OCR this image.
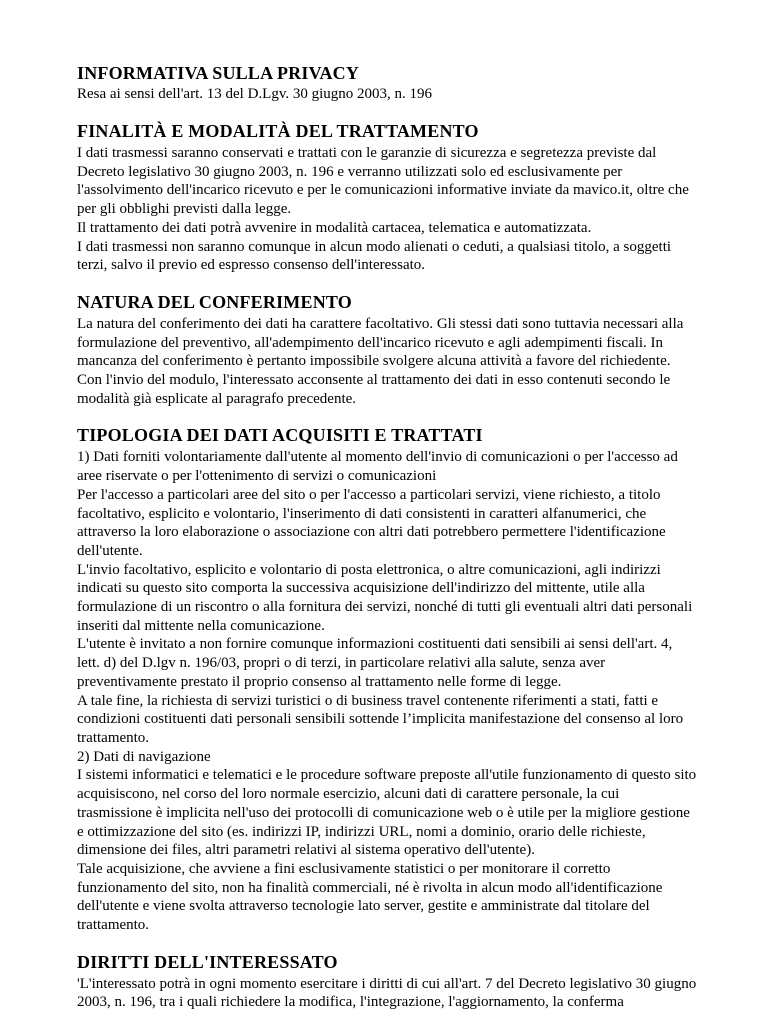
INFORMATIVA SULLA PRIVACY

Resa ai sensi dell'art. 13 del D.Lgv. 30 giugno 2003, n. 196

FINALITÀ E MODALITÀ DEL TRATTAMENTO

I dati trasmessi saranno conservati e trattati con le garanzie di sicurezza e segretezza previste dal Decreto legislativo 30 giugno 2003, n. 196 e verranno utilizzati solo ed esclusivamente per l'assolvimento dell'incarico ricevuto e per le comunicazioni informative inviate da mavico.it, oltre che per gli obblighi previsti dalla legge.

Il trattamento dei dati potrà avvenire in modalità cartacea, telematica e automatizzata.

I dati trasmessi non saranno comunque in alcun modo alienati o ceduti, a qualsiasi titolo, a soggetti terzi, salvo il previo ed espresso consenso dell'interessato.

NATURA DEL CONFERIMENTO

La natura del conferimento dei dati ha carattere facoltativo. Gli stessi dati sono tuttavia necessari alla formulazione del preventivo, all'adempimento dell'incarico ricevuto e agli adempimenti fiscali. In mancanza del conferimento è pertanto impossibile svolgere alcuna attività a favore del richiedente.

Con l'invio del modulo, l'interessato acconsente al trattamento dei dati in esso contenuti secondo le modalità già esplicate al paragrafo precedente.

TIPOLOGIA DEI DATI ACQUISITI E TRATTATI

1) Dati forniti volontariamente dall'utente al momento dell'invio di comunicazioni o per l'accesso ad aree riservate o per l'ottenimento di servizi o comunicazioni

Per l'accesso a particolari aree del sito o per l'accesso a particolari servizi, viene richiesto, a titolo facoltativo, esplicito e volontario, l'inserimento di dati consistenti in caratteri alfanumerici, che attraverso la loro elaborazione o associazione con altri dati potrebbero permettere l'identificazione dell'utente.

L'invio facoltativo, esplicito e volontario di posta elettronica, o altre comunicazioni, agli indirizzi indicati su questo sito comporta la successiva acquisizione dell'indirizzo del mittente, utile alla formulazione di un riscontro o alla fornitura dei servizi, nonché di tutti gli eventuali altri dati personali inseriti dal mittente nella comunicazione.

L'utente è invitato a non fornire comunque informazioni costituenti dati sensibili ai sensi dell'art. 4, lett. d) del D.lgv n. 196/03, propri o di terzi, in particolare relativi alla salute, senza aver preventivamente prestato il proprio consenso al trattamento nelle forme di legge.

A tale fine, la richiesta di servizi turistici o di business travel contenente riferimenti a stati, fatti e condizioni costituenti dati personali sensibili sottende l’implicita manifestazione del consenso al loro trattamento.

2) Dati di navigazione

I sistemi informatici e telematici e le procedure software preposte all'utile funzionamento di questo sito acquisiscono, nel corso del loro normale esercizio, alcuni dati di carattere personale, la cui trasmissione è implicita nell'uso dei protocolli di comunicazione web o è utile per la migliore gestione e ottimizzazione del sito (es. indirizzi IP, indirizzi URL, nomi a dominio, orario delle richieste, dimensione dei files, altri parametri relativi al sistema operativo dell'utente).

Tale acquisizione, che avviene a fini esclusivamente statistici o per monitorare il corretto funzionamento del sito, non ha finalità commerciali, né è rivolta in alcun modo all'identificazione dell'utente e viene svolta attraverso tecnologie lato server, gestite e amministrate dal titolare del trattamento.

DIRITTI DELL'INTERESSATO

'L'interessato potrà in ogni momento esercitare i diritti di cui all'art. 7 del Decreto legislativo 30 giugno 2003, n. 196, tra i quali richiedere la modifica, l'integrazione, l'aggiornamento, la conferma
